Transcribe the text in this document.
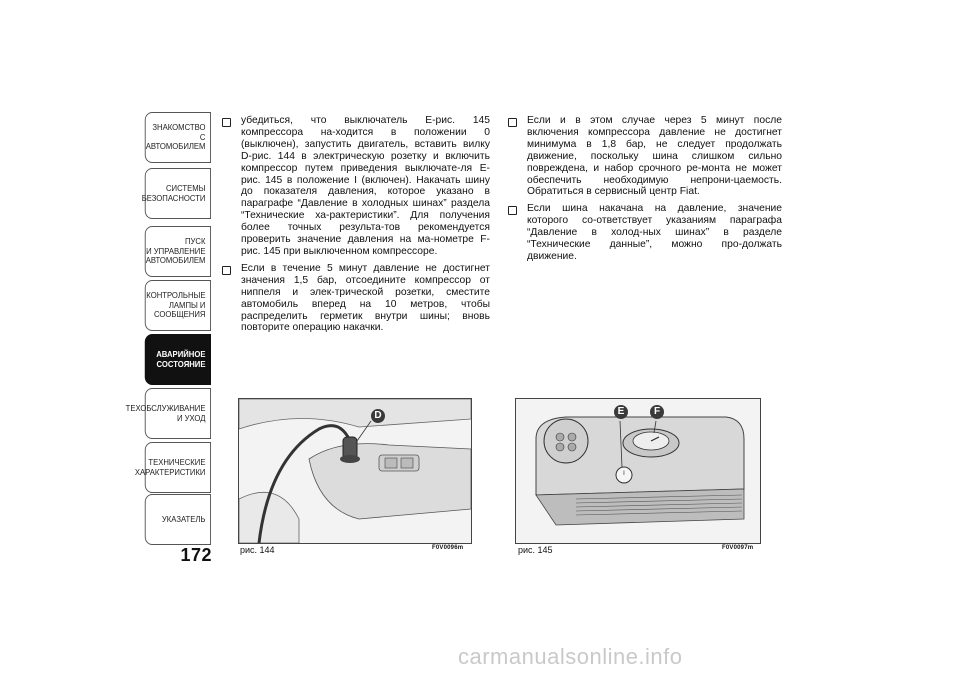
ЗНАКОМСТВО С
АВТОМОБИЛЕМ
СИСТЕМЫ
БЕЗОПАСНОСТИ
ПУСК
И УПРАВЛЕНИЕ
АВТОМОБИЛЕМ
КОНТРОЛЬНЫЕ
ЛАМПЫ И
СООБЩЕНИЯ
АВАРИЙНОЕ
СОСТОЯНИЕ
ТЕХОБСЛУЖИВАНИЕ
И УХОД
ТЕХНИЧЕСКИЕ
ХАРАКТЕРИСТИКИ
УКАЗАТЕЛЬ
172
убедиться, что выключатель E-рис. 145 компрессора на-ходится в положении 0 (выключен), запустить двигатель, вставить вилку D-рис. 144 в электрическую розетку и включить компрессор путем приведения выключате-ля E-рис. 145 в положение I (включен). Накачать шину до показателя давления, которое указано в параграфе “Давление в холодных шинах” раздела “Технические ха-рактеристики”. Для получения более точных результа-тов рекомендуется проверить значение давления на ма-нометре F-рис. 145 при выключенном компрессоре.
Если в течение 5 минут давление не достигнет значения 1,5 бар, отсоедините компрессор от ниппеля и элек-трической розетки, сместите автомобиль вперед на 10 метров, чтобы распределить герметик внутри шины; вновь повторите операцию накачки.
Если и в этом случае через 5 минут после включения компрессора давление не достигнет минимума в 1,8 бар, не следует продолжать движение, поскольку шина слишком сильно повреждена, и набор срочного ре-монта не может обеспечить необходимую непрони-цаемость. Обратиться в сервисный центр Fiat.
Если шина накачана на давление, значение которого со-ответствует указаниям параграфа “Давление в холод-ных шинах” в разделе “Технические данные”, можно про-должать движение.
D
рис. 144	F0V0096m
I
E	F
рис. 145	F0V0097m
carmanualsonline.info
